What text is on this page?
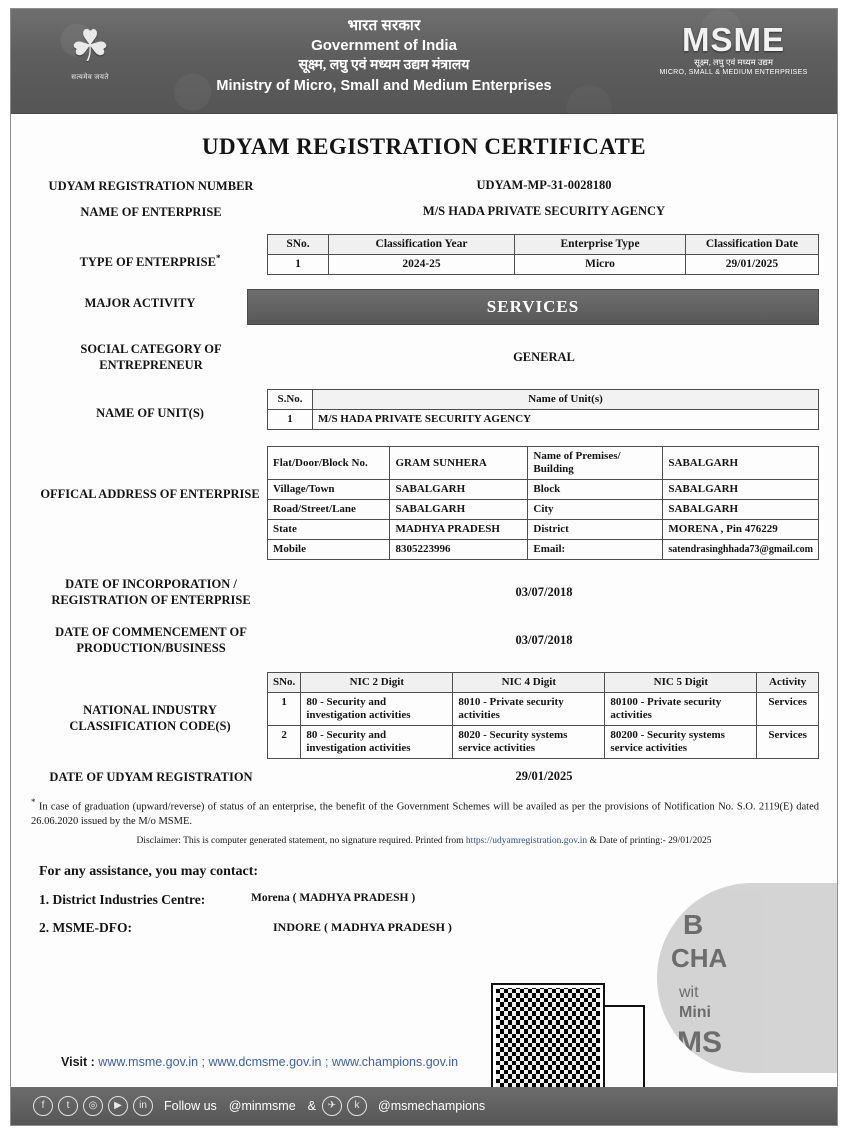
☘
सत्यमेव जयते
भारत सरकार
Government of India
सूक्ष्म, लघु एवं मध्यम उद्यम मंत्रालय
Ministry of Micro, Small and Medium Enterprises
MSME
सूक्ष्म, लघु एवं मध्यम उद्यम
MICRO, SMALL & MEDIUM ENTERPRISES
UDYAM REGISTRATION CERTIFICATE
UDYAM REGISTRATION NUMBER	UDYAM-MP-31-0028180
NAME OF ENTERPRISE	M/S HADA PRIVATE SECURITY AGENCY
TYPE OF ENTERPRISE*
SNo.	Classification Year	Enterprise Type	Classification Date
1	2024-25	Micro	29/01/2025
MAJOR ACTIVITY	SERVICES
SOCIAL CATEGORY OF ENTREPRENEUR
GENERAL
NAME OF UNIT(S)
S.No.	Name of Unit(s)
1	M/S HADA PRIVATE SECURITY AGENCY
OFFICAL ADDRESS OF ENTERPRISE
Flat/Door/Block No.	GRAM SUNHERA	Name of Premises/ Building	SABALGARH
Village/Town	SABALGARH	Block	SABALGARH
Road/Street/Lane	SABALGARH	City	SABALGARH
State	MADHYA PRADESH	District	MORENA , Pin 476229
Mobile	8305223996	Email:	satendrasinghhada73@gmail.com
DATE OF INCORPORATION / REGISTRATION OF ENTERPRISE
03/07/2018
DATE OF COMMENCEMENT OF PRODUCTION/BUSINESS
03/07/2018
NATIONAL INDUSTRY CLASSIFICATION CODE(S)
SNo.	NIC 2 Digit	NIC 4 Digit	NIC 5 Digit	Activity
1	80 - Security and investigation activities	8010 - Private security activities	80100 - Private security activities	Services
2	80 - Security and investigation activities	8020 - Security systems service activities	80200 - Security systems service activities	Services
DATE OF UDYAM REGISTRATION	29/01/2025
* In case of graduation (upward/reverse) of status of an enterprise, the benefit of the Government Schemes will be availed as per the provisions of Notification No. S.O. 2119(E) dated 26.06.2020 issued by the M/o MSME.
Disclaimer: This is computer generated statement, no signature required. Printed from https://udyamregistration.gov.in & Date of printing:- 29/01/2025
For any assistance, you may contact:
1. District Industries Centre:	Morena ( MADHYA PRADESH )
2. MSME-DFO:	INDORE ( MADHYA PRADESH )	B
CHA
wit
Mini
MS
Visit : www.msme.gov.in ; www.dcmsme.gov.in ; www.champions.gov.in
f	t	◎	▶	in	Follow us @minmsme &	✈	k	@msmechampions
